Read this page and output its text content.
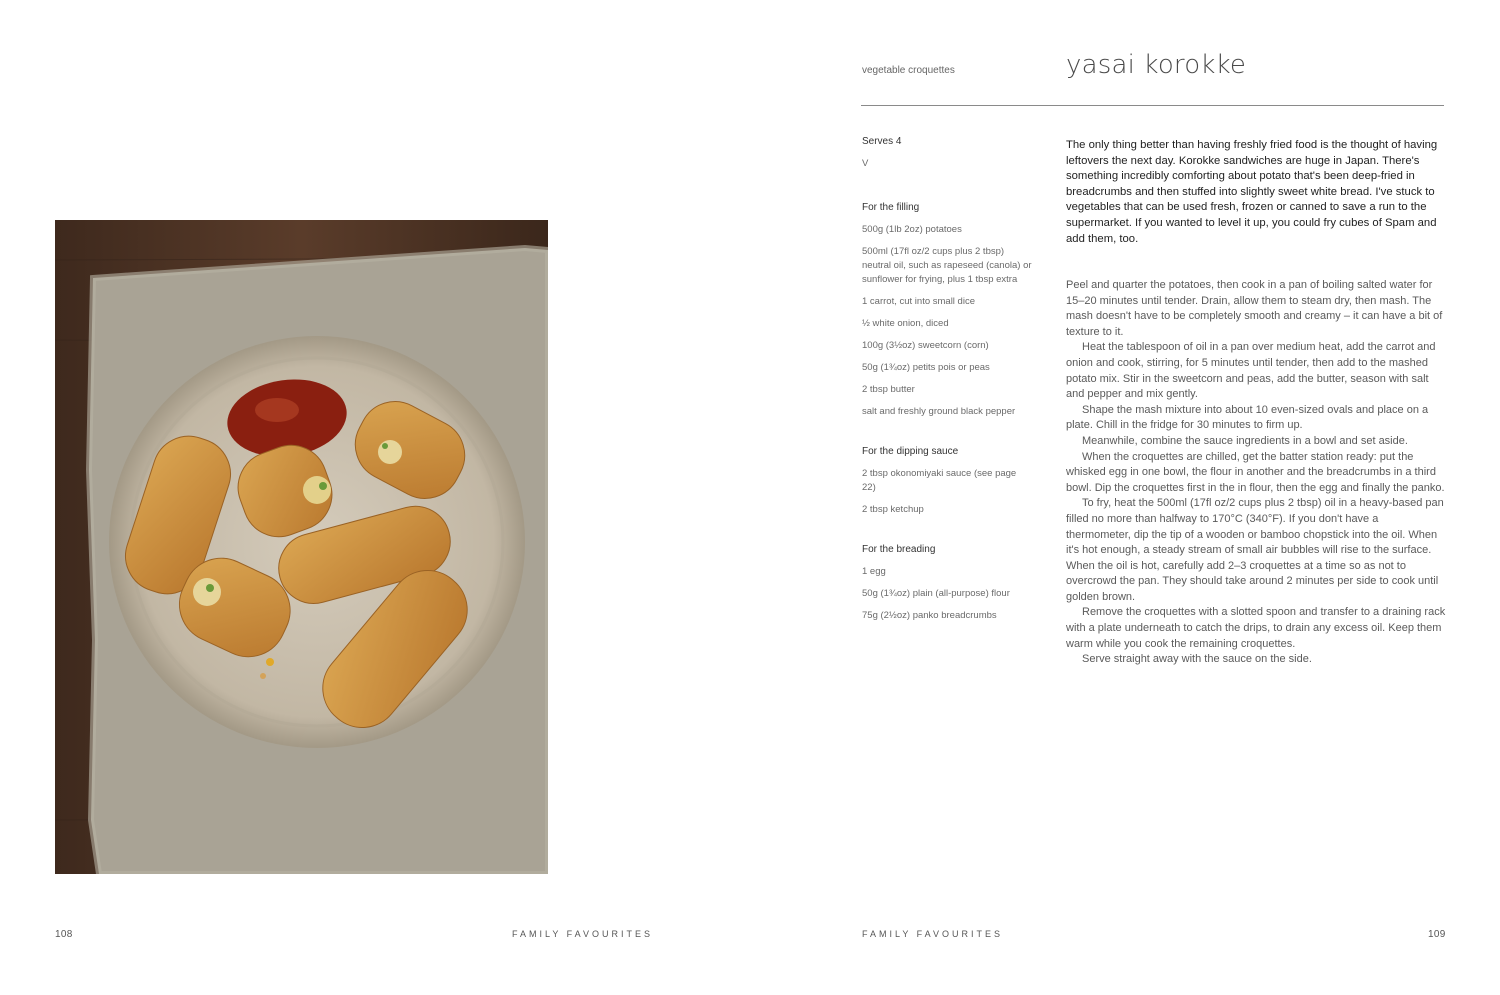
108	FAMILY FAVOURITES
vegetable croquettes	yasai korokke
Serves 4
V
For the filling
500g (1lb 2oz) potatoes
500ml (17fl oz/2 cups plus 2 tbsp) neutral oil, such as rapeseed (canola) or sunflower for frying, plus 1 tbsp extra
1 carrot, cut into small dice
½ white onion, diced
100g (3½oz) sweetcorn (corn)
50g (1¾oz) petits pois or peas
2 tbsp butter
salt and freshly ground black pepper
For the dipping sauce
2 tbsp okonomiyaki sauce (see page 22)
2 tbsp ketchup
For the breading
1 egg
50g (1¾oz) plain (all-purpose) flour
75g (2½oz) panko breadcrumbs
The only thing better than having freshly fried food is the thought of having leftovers the next day. Korokke sandwiches are huge in Japan. There's something incredibly comforting about potato that's been deep-fried in breadcrumbs and then stuffed into slightly sweet white bread. I've stuck to vegetables that can be used fresh, frozen or canned to save a run to the supermarket. If you wanted to level it up, you could fry cubes of Spam and add them, too.

Peel and quarter the potatoes, then cook in a pan of boiling salted water for 15–20 minutes until tender. Drain, allow them to steam dry, then mash. The mash doesn't have to be completely smooth and creamy – it can have a bit of texture to it.

Heat the tablespoon of oil in a pan over medium heat, add the carrot and onion and cook, stirring, for 5 minutes until tender, then add to the mashed potato mix. Stir in the sweetcorn and peas, add the butter, season with salt and pepper and mix gently.

Shape the mash mixture into about 10 even-sized ovals and place on a plate. Chill in the fridge for 30 minutes to firm up.

Meanwhile, combine the sauce ingredients in a bowl and set aside.

When the croquettes are chilled, get the batter station ready: put the whisked egg in one bowl, the flour in another and the breadcrumbs in a third bowl. Dip the croquettes first in the in flour, then the egg and finally the panko.

To fry, heat the 500ml (17fl oz/2 cups plus 2 tbsp) oil in a heavy-based pan filled no more than halfway to 170°C (340°F). If you don't have a thermometer, dip the tip of a wooden or bamboo chopstick into the oil. When it's hot enough, a steady stream of small air bubbles will rise to the surface. When the oil is hot, carefully add 2–3 croquettes at a time so as not to overcrowd the pan. They should take around 2 minutes per side to cook until golden brown.

Remove the croquettes with a slotted spoon and transfer to a draining rack with a plate underneath to catch the drips, to drain any excess oil. Keep them warm while you cook the remaining croquettes.

Serve straight away with the sauce on the side.

FAMILY FAVOURITES	109
